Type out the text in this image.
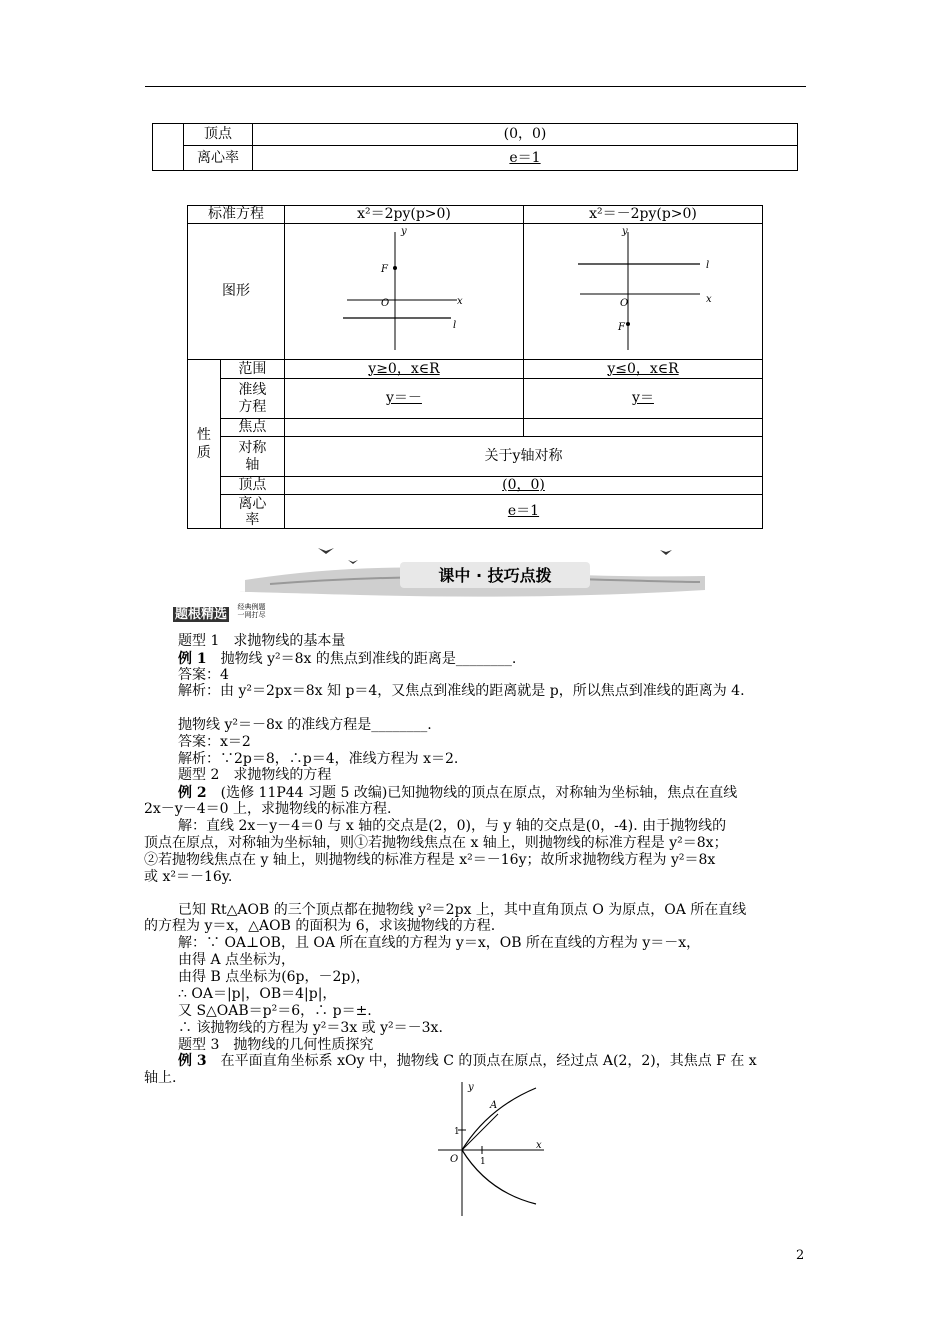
	顶点	(0，0)
	离心率	e＝1
标准方程		x²＝2py(p>0)	x²＝－2py(p>0)
图形		y
x
O
F
l	y
x
O
F
l

性质	范围	y≥0，x∈R	y≤0，x∈R
	准线方程	y＝－	y＝
	焦点		
	对称轴	关于y轴对称	
	顶点	(0，0)	
	离心率	e＝1	
课中 · 技巧点拨
题根精选 经典例题
一网打尽
题型 1　求抛物线的基本量
例 1　抛物线 y²＝8x 的焦点到准线的距离是________.
答案：4
解析：由 y²＝2px＝8x 知 p＝4，又焦点到准线的距离就是 p，所以焦点到准线的距离为 4.
抛物线 y²＝－8x 的准线方程是________.
答案：x＝2
解析：∵2p＝8，∴p＝4，准线方程为 x＝2.
题型 2　求抛物线的方程
例 2　(选修 11P44 习题 5 改编)已知抛物线的顶点在原点，对称轴为坐标轴，焦点在直线
2x－y－4＝0 上，求抛物线的标准方程.
解：直线 2x－y－4＝0 与 x 轴的交点是(2，0)，与 y 轴的交点是(0，-4). 由于抛物线的
顶点在原点，对称轴为坐标轴，则①若抛物线焦点在 x 轴上，则抛物线的标准方程是 y²＝8x；
②若抛物线焦点在 y 轴上，则抛物线的标准方程是 x²＝－16y；故所求抛物线方程为 y²＝8x
或 x²＝－16y.
已知 Rt△AOB 的三个顶点都在抛物线 y²＝2px 上，其中直角顶点 O 为原点，OA 所在直线
的方程为 y＝x，△AOB 的面积为 6，求该抛物线的方程.
解：∵ OA⊥OB，且 OA 所在直线的方程为 y＝x，OB 所在直线的方程为 y＝－x，
由得 A 点坐标为，
由得 B 点坐标为(6p，－2p)，
∴ OA＝|p|，OB＝4|p|，
又 S△OAB＝p²＝6，∴ p＝±.
∴ 该抛物线的方程为 y²＝3x 或 y²＝－3x.
题型 3　抛物线的几何性质探究
例 3　在平面直角坐标系 xOy 中，抛物线 C 的顶点在原点，经过点 A(2，2)，其焦点 F 在 x
轴上.
y
x
O
A
1
1
2
